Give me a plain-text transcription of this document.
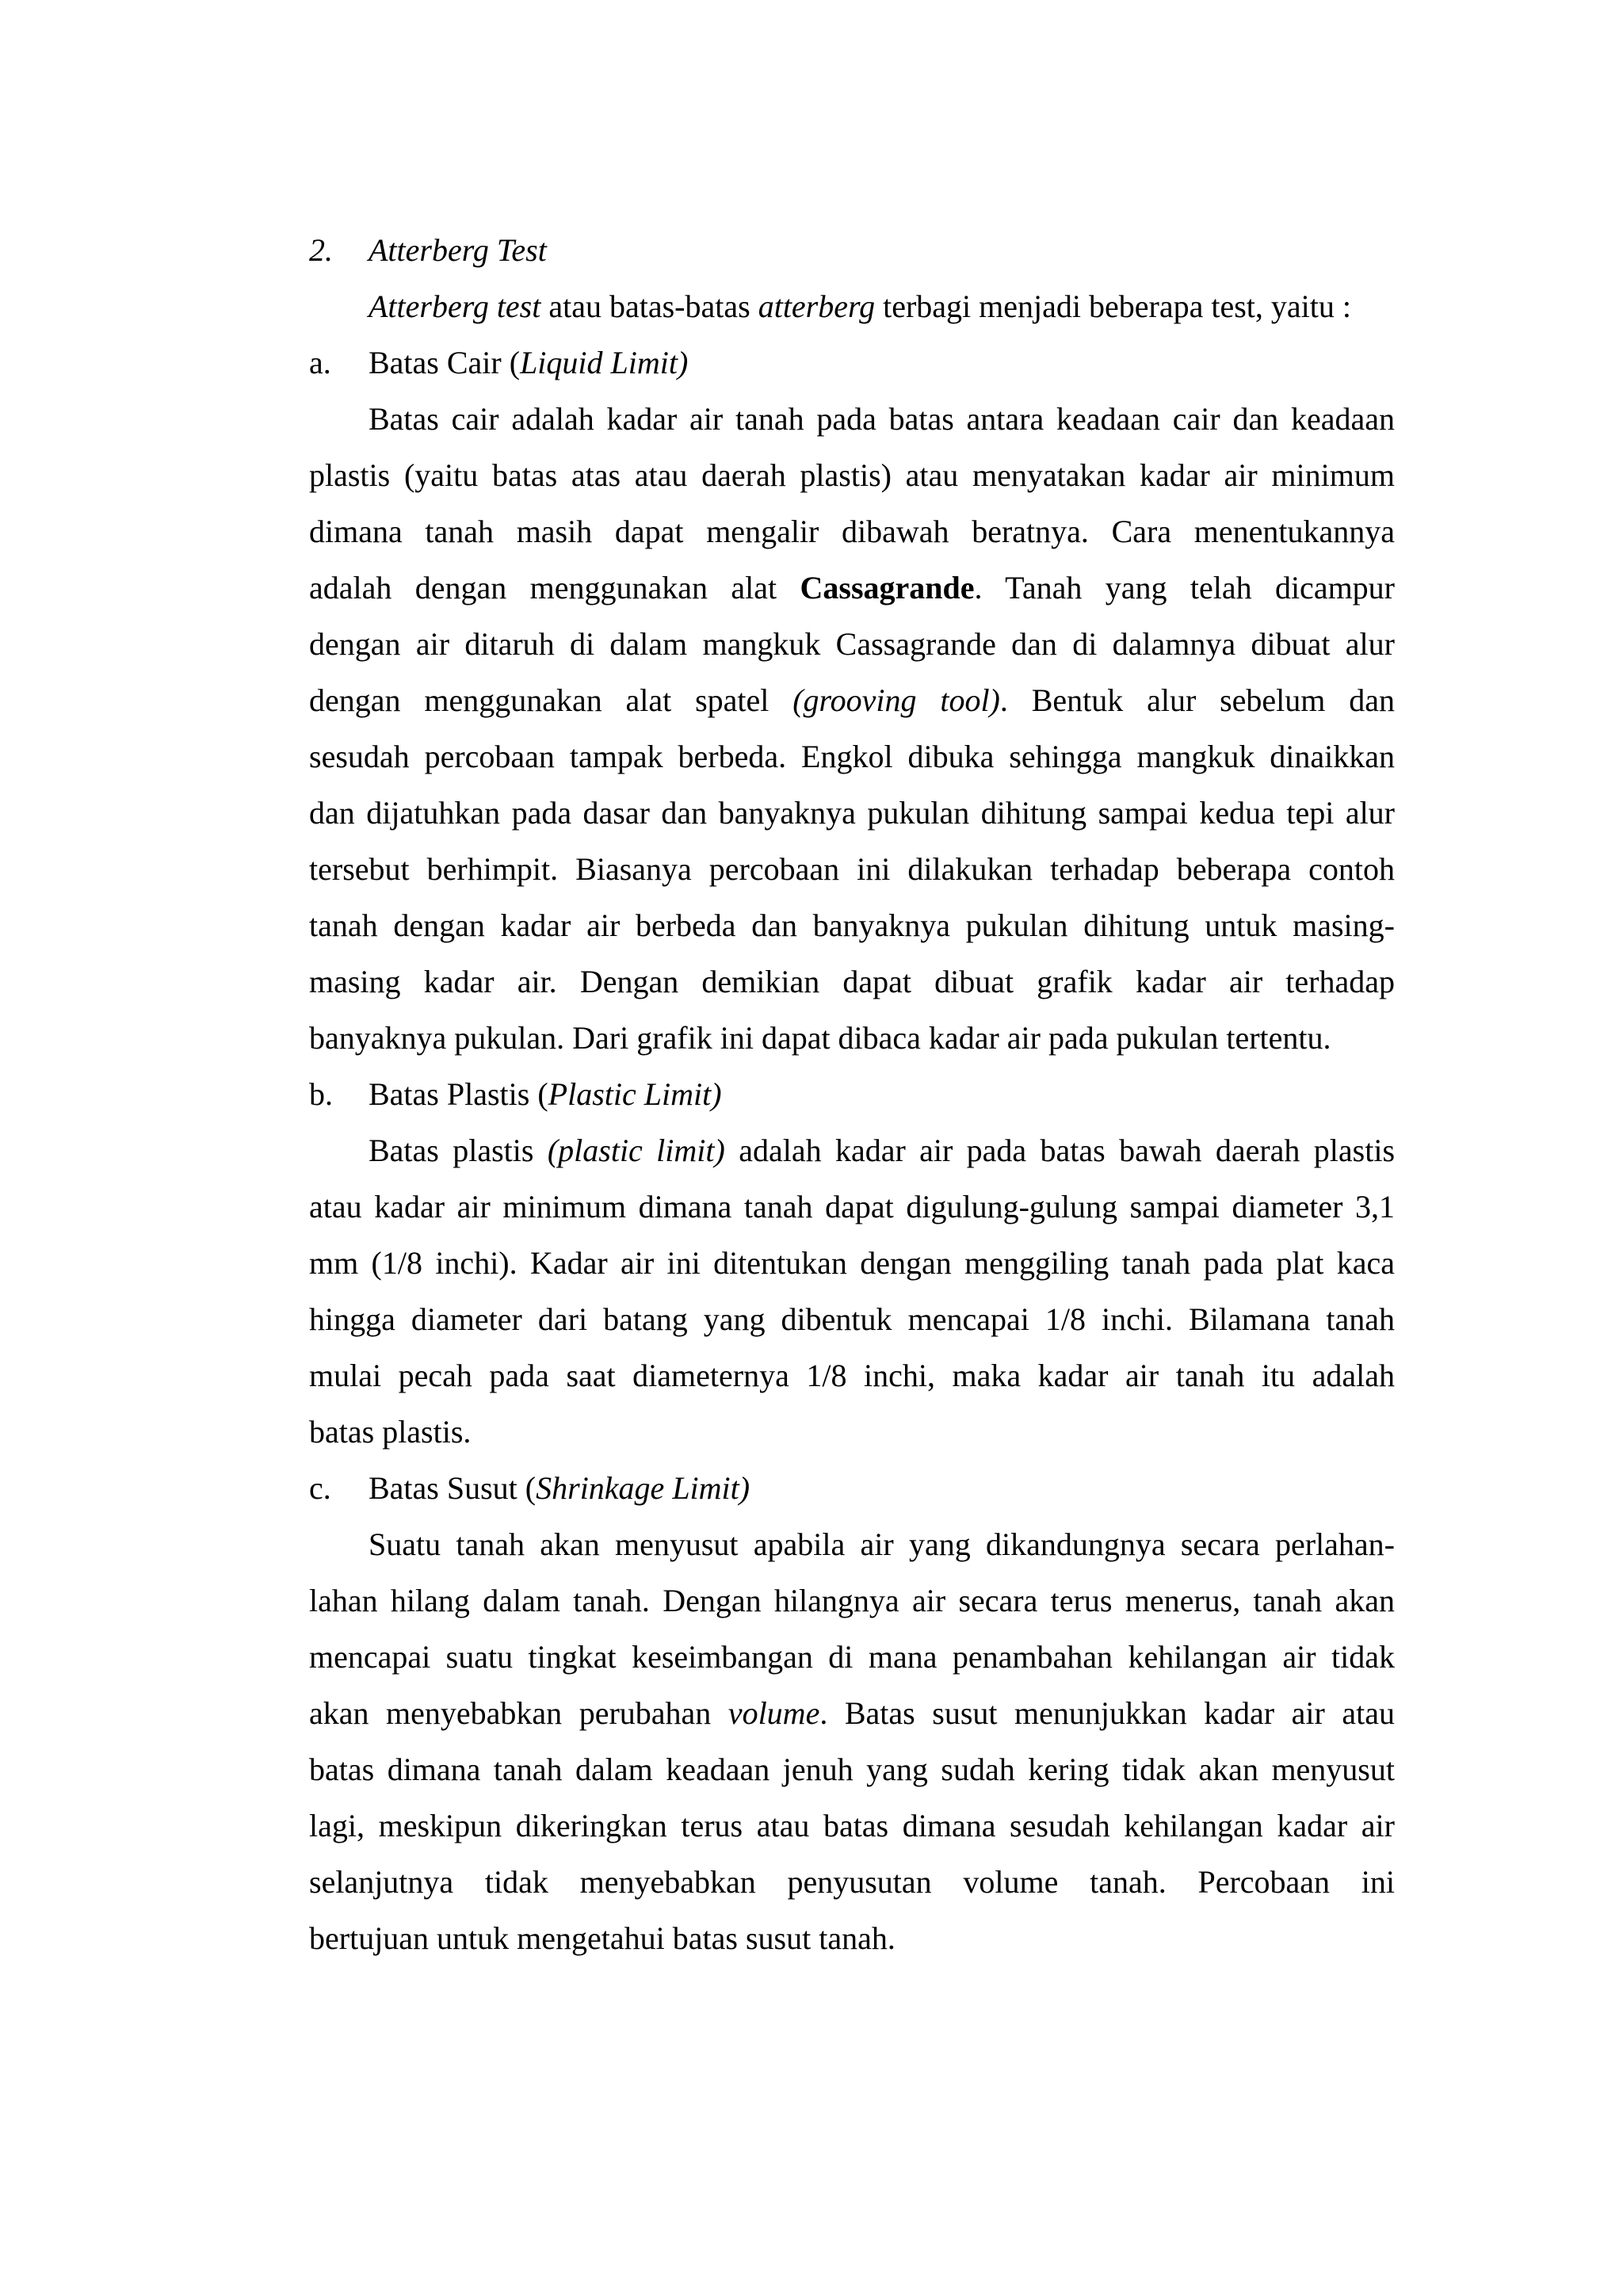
2.	Atterberg Test
Atterberg test atau batas-batas atterberg terbagi menjadi beberapa test, yaitu :
a.	Batas Cair (Liquid Limit)
Batas cair adalah kadar air tanah pada batas antara keadaan cair dan keadaan
plastis (yaitu batas atas atau daerah plastis) atau menyatakan kadar air minimum
dimana tanah masih dapat mengalir dibawah beratnya. Cara menentukannya
adalah dengan menggunakan alat Cassagrande. Tanah yang telah dicampur
dengan air ditaruh di dalam mangkuk Cassagrande dan di dalamnya dibuat alur
dengan menggunakan alat spatel (grooving tool). Bentuk alur sebelum dan
sesudah percobaan tampak berbeda. Engkol dibuka sehingga mangkuk dinaikkan
dan dijatuhkan pada dasar dan banyaknya pukulan dihitung sampai kedua tepi alur
tersebut berhimpit. Biasanya percobaan ini dilakukan terhadap beberapa contoh
tanah dengan kadar air berbeda dan banyaknya pukulan dihitung untuk masing-
masing kadar air. Dengan demikian dapat dibuat grafik kadar air terhadap
banyaknya pukulan. Dari grafik ini dapat dibaca kadar air pada pukulan tertentu.
b.	Batas Plastis (Plastic Limit)
Batas plastis (plastic limit) adalah kadar air pada batas bawah daerah plastis
atau kadar air minimum dimana tanah dapat digulung-gulung sampai diameter 3,1
mm (1/8 inchi). Kadar air ini ditentukan dengan menggiling tanah pada plat kaca
hingga diameter dari batang yang dibentuk mencapai 1/8 inchi. Bilamana tanah
mulai pecah pada saat diameternya 1/8 inchi, maka kadar air tanah itu adalah
batas plastis.
c.	Batas Susut (Shrinkage Limit)
Suatu tanah akan menyusut apabila air yang dikandungnya secara perlahan-
lahan hilang dalam tanah. Dengan hilangnya air secara terus menerus, tanah akan
mencapai suatu tingkat keseimbangan di mana penambahan kehilangan air tidak
akan menyebabkan perubahan volume. Batas susut menunjukkan kadar air atau
batas dimana tanah dalam keadaan jenuh yang sudah kering tidak akan menyusut
lagi, meskipun dikeringkan terus atau batas dimana sesudah kehilangan kadar air
selanjutnya tidak menyebabkan penyusutan volume tanah. Percobaan ini
bertujuan untuk mengetahui batas susut tanah.
